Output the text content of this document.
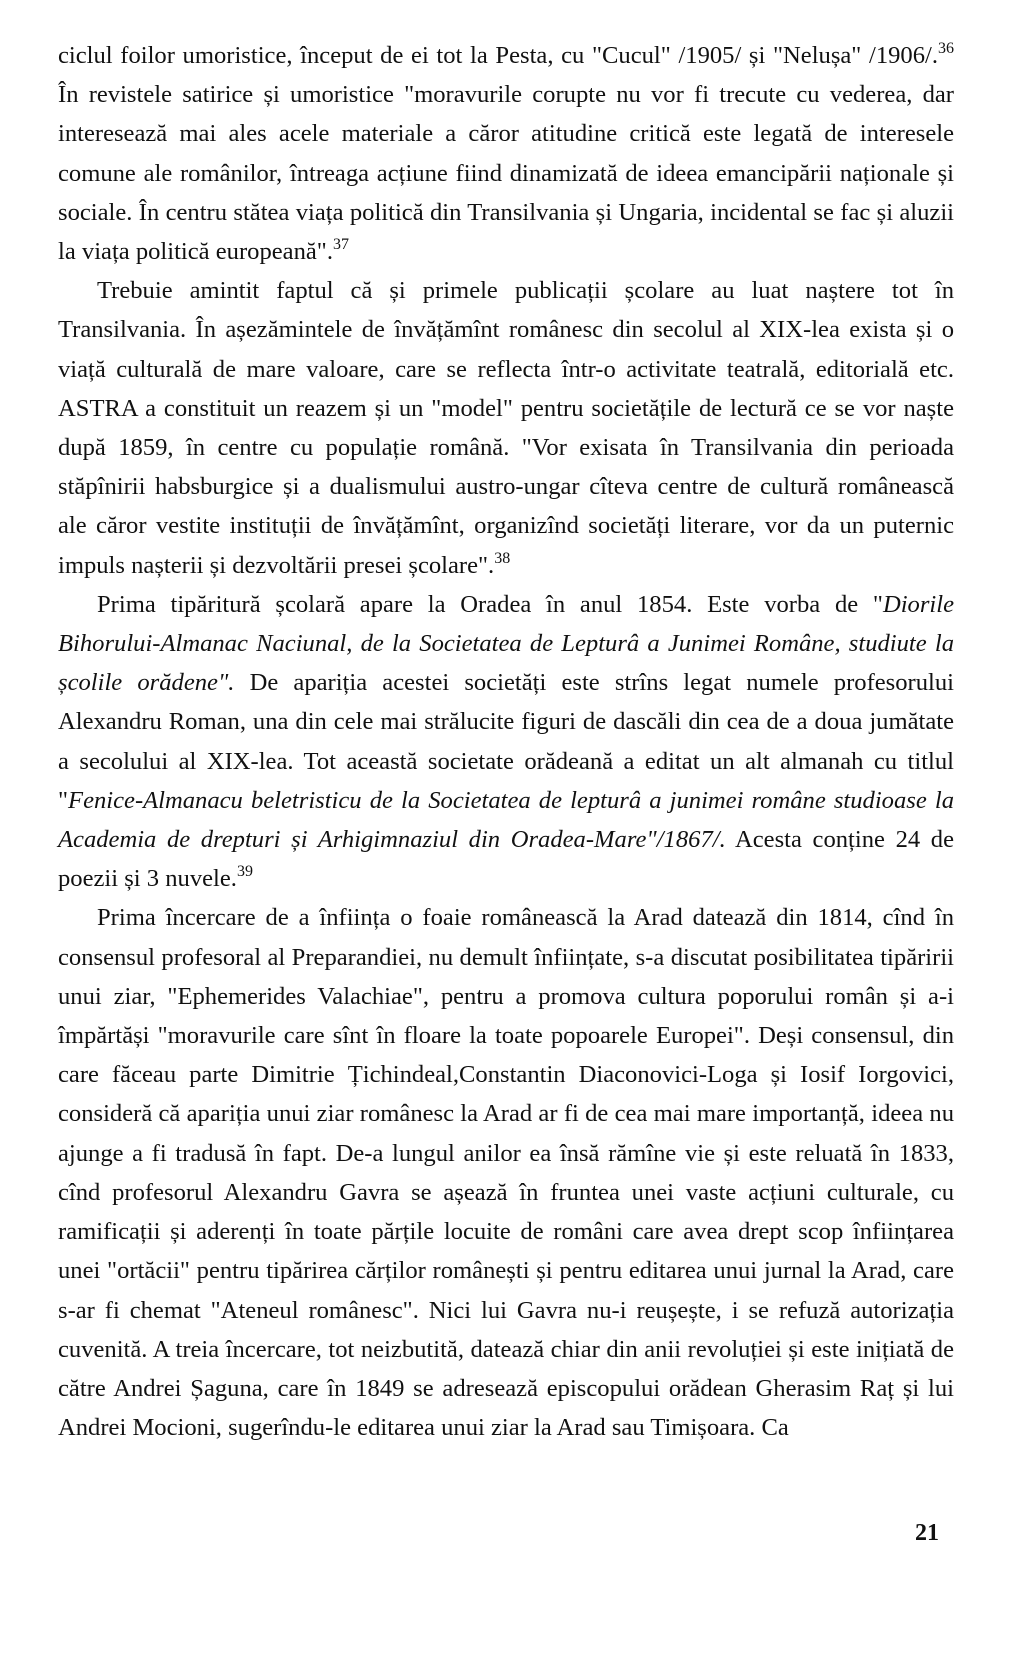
ciclul foilor umoristice, început de ei tot la Pesta, cu "Cucul" /1905/ și "Nelușa" /1906/.$^{36}$ În revistele satirice și umoristice "moravurile corupte nu vor fi trecute cu vederea, dar interesează mai ales acele materiale a căror atitudine critică este legată de interesele comune ale românilor, întreaga acțiune fiind dinamizată de ideea emancipării naționale și sociale. În centru stătea viața politică din Transilvania și Ungaria, incidental se fac și aluzii la viața politică europeană".$^{37}$

Trebuie amintit faptul că și primele publicații școlare au luat naștere tot în Transilvania. În așezămintele de învățămînt românesc din secolul al XIX-lea exista și o viață culturală de mare valoare, care se reflecta într-o activitate teatrală, editorială etc. ASTRA a constituit un reazem și un "model" pentru societățile de lectură ce se vor naște după 1859, în centre cu populație română. "Vor exisata în Transilvania din perioada stăpînirii habsburgice și a dualismului austro-ungar cîteva centre de cultură românească ale căror vestite instituții de învățămînt, organizînd societăți literare, vor da un puternic impuls nașterii și dezvoltării presei școlare".$^{38}$

Prima tipăritură școlară apare la Oradea în anul 1854. Este vorba de "Diorile Bihorului-Almanac Naciunal, de la Societatea de Lepturâ a Junimei Române, studiute la școlile orădene". De apariția acestei societăți este strîns legat numele profesorului Alexandru Roman, una din cele mai strălucite figuri de dascăli din cea de a doua jumătate a secolului al XIX-lea. Tot această societate orădeană a editat un alt almanah cu titlul "Fenice-Almanacu beletristicu de la Societatea de lepturâ a junimei române studioase la Academia de drepturi și Arhigimnaziul din Oradea-Mare"/1867/. Acesta conține 24 de poezii și 3 nuvele.$^{39}$

Prima încercare de a înființa o foaie românească la Arad datează din 1814, cînd în consensul profesoral al Preparandiei, nu demult înființate, s-a discutat posibilitatea tipăririi unui ziar, "Ephemerides Valachiae", pentru a promova cultura poporului român și a-i împărtăși "moravurile care sînt în floare la toate popoarele Europei". Deși consensul, din care făceau parte Dimitrie Țichindeal,Constantin Diaconovici-Loga și Iosif Iorgovici, consideră că apariția unui ziar românesc la Arad ar fi de cea mai mare importanță, ideea nu ajunge a fi tradusă în fapt. De-a lungul anilor ea însă rămîne vie și este reluată în 1833, cînd profesorul Alexandru Gavra se așează în fruntea unei vaste acțiuni culturale, cu ramificații și aderenți în toate părțile locuite de români care avea drept scop înființarea unei "ortăcii" pentru tipărirea cărților românești și pentru editarea unui jurnal la Arad, care s-ar fi chemat "Ateneul românesc". Nici lui Gavra nu-i reușește, i se refuză autorizația cuvenită. A treia încercare, tot neizbutită, datează chiar din anii revoluției și este inițiată de către Andrei Șaguna, care în 1849 se adresează episcopului orădean Gherasim Raț și lui Andrei Mocioni, sugerîndu-le editarea unui ziar la Arad sau Timișoara. Ca

21
